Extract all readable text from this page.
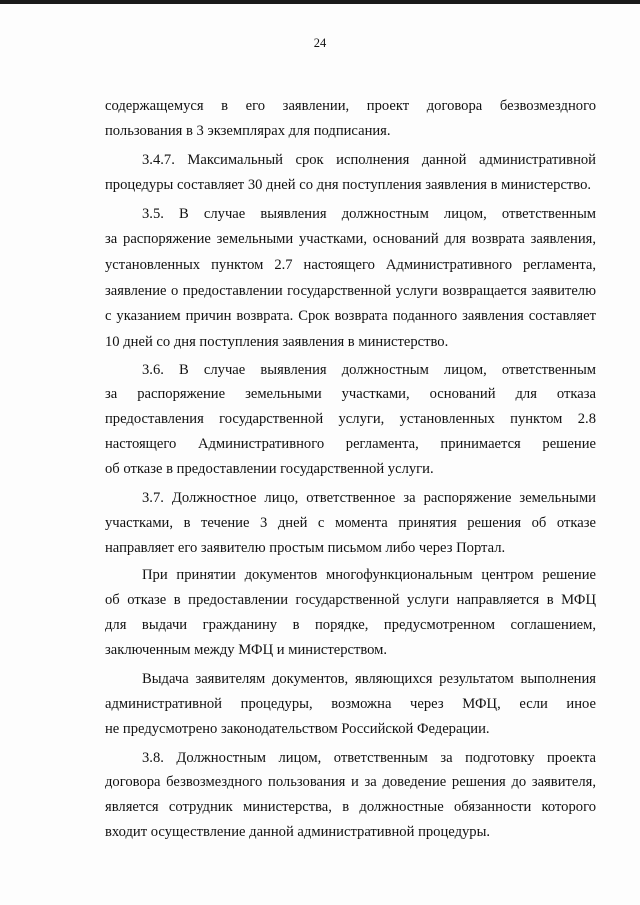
24
содержащемуся в его заявлении, проект договора безвозмездного
пользования в 3 экземплярах для подписания.
3.4.7. Максимальный срок исполнения данной административной
процедуры составляет 30 дней со дня поступления заявления в министерство.
3.5. В случае выявления должностным лицом, ответственным
за распоряжение земельными участками, оснований для возврата заявления,
установленных пунктом 2.7 настоящего Административного регламента,
заявление о предоставлении государственной услуги возвращается заявителю
с указанием причин возврата. Срок возврата поданного заявления составляет
10 дней со дня поступления заявления в министерство.
3.6. В случае выявления должностным лицом, ответственным
за распоряжение земельными участками, оснований для отказа
предоставления государственной услуги, установленных пунктом 2.8
настоящего Административного регламента, принимается решение
об отказе в предоставлении государственной услуги.
3.7. Должностное лицо, ответственное за распоряжение земельными
участками, в течение 3 дней с момента принятия решения об отказе
направляет его заявителю простым письмом либо через Портал.
При принятии документов многофункциональным центром решение
об отказе в предоставлении государственной услуги направляется в МФЦ
для выдачи гражданину в порядке, предусмотренном соглашением,
заключенным между МФЦ и министерством.
Выдача заявителям документов, являющихся результатом выполнения
административной процедуры, возможна через МФЦ, если иное
не предусмотрено законодательством Российской Федерации.
3.8. Должностным лицом, ответственным за подготовку проекта
договора безвозмездного пользования и за доведение решения до заявителя,
является сотрудник министерства, в должностные обязанности которого
входит осуществление данной административной процедуры.
